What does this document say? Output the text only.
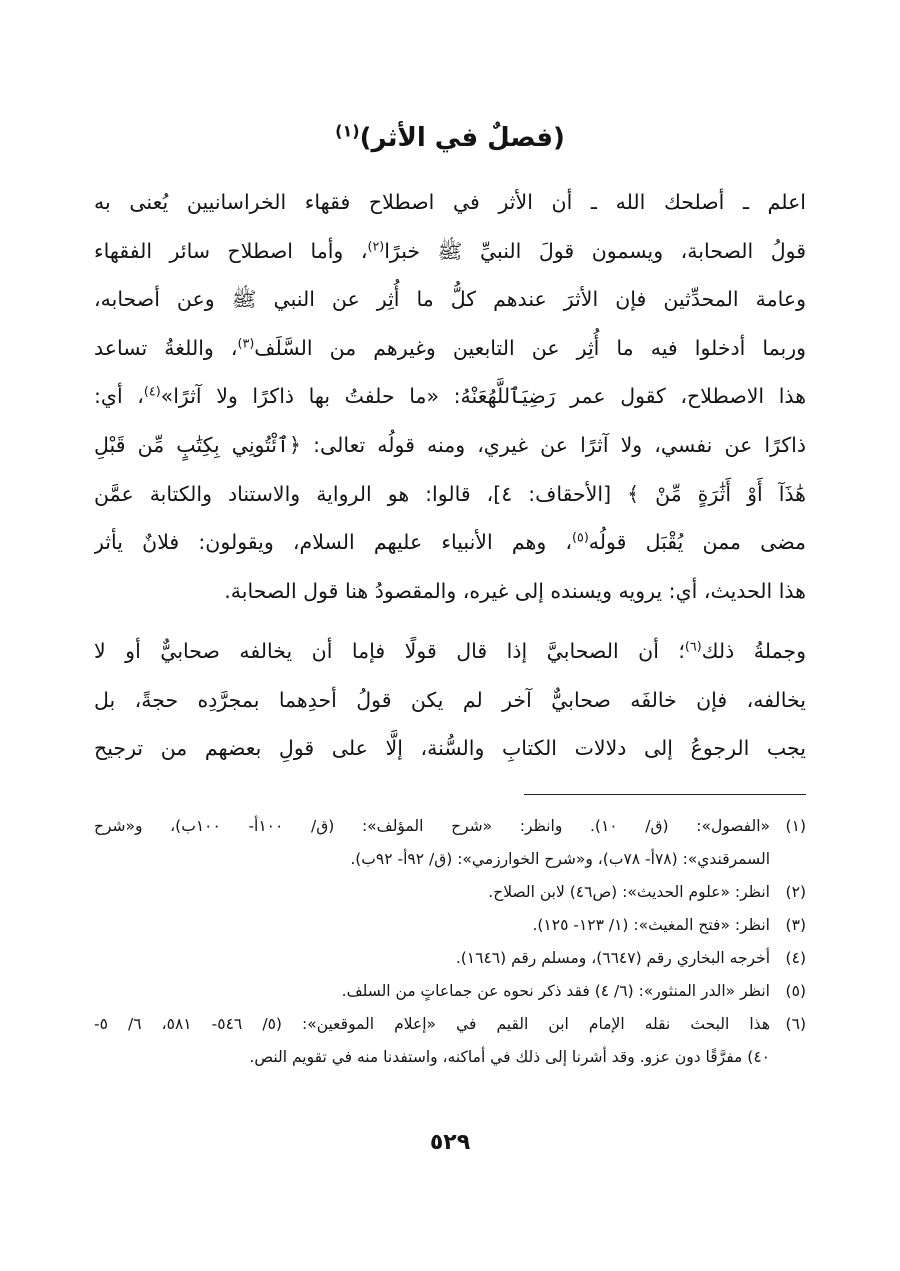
(فصلٌ في الأثر)$^{(١)}$
اعلم ـ أصلحك الله ـ أن الأثر في اصطلاح فقهاء الخراسانيين يُعنى به
قولُ الصحابة، ويسمون قولَ النبيِّ ﷺ خبرًا$^{(٢)}$، وأما اصطلاح سائر الفقهاء
وعامة المحدِّثين فإن الأثرَ عندهم كلُّ ما أُثِر عن النبي ﷺ وعن أصحابه،
وربما أدخلوا فيه ما أُثِر عن التابعين وغيرهم من السَّلَف$^{(٣)}$، واللغةُ تساعد
هذا الاصطلاح، كقول عمر رَضِيَٱللَّهُعَنْهُ: «ما حلفتُ بها ذاكرًا ولا آثرًا»$^{(٤)}$، أي:
ذاكرًا عن نفسي، ولا آثرًا عن غيري، ومنه قولُه تعالى: ﴿ٱئْتُونِي بِكِتَٰبٍ مِّن قَبْلِ
هَٰذَآ أَوْ أَثَٰرَةٍ مِّنْ ﴾ [الأحقاف: ٤]، قالوا: هو الرواية والاستناد والكتابة عمَّن
مضى ممن يُقْبَل قولُه$^{(٥)}$، وهم الأنبياء عليهم السلام، ويقولون: فلانٌ يأثر
هذا الحديث، أي: يرويه ويسنده إلى غيره، والمقصودُ هنا قول الصحابة.
وجملةُ ذلك$^{(٦)}$؛ أن الصحابيَّ إذا قال قولًا فإما أن يخالفه صحابيٌّ أو لا
يخالفه، فإن خالفَه صحابيٌّ آخر لم يكن قولُ أحدِهما بمجرَّدِه حجةً، بل
يجب الرجوعُ إلى دلالات الكتابِ والسُّنة، إلَّا على قولِ بعضهم من ترجيح
(١)
«الفصول»: (ق/ ١٠). وانظر: «شرح المؤلف»: (ق/ ١٠٠أ- ١٠٠ب)، و«شرح
السمرقندي»: (٧٨أ- ٧٨ب)، و«شرح الخوارزمي»: (ق/ ٩٢أ- ٩٢ب).
(٢)
انظر: «علوم الحديث»: (ص٤٦) لابن الصلاح.
(٣)
انظر: «فتح المغيث»: (١/ ١٢٣- ١٢٥).
(٤)
أخرجه البخاري رقم (٦٦٤٧)، ومسلم رقم (١٦٤٦).
(٥)
انظر «الدر المنثور»: (٦/ ٤) فقد ذكر نحوه عن جماعاتٍ من السلف.
(٦)
هذا البحث نقله الإمام ابن القيم في «إعلام الموقعين»: (٥/ ٥٤٦- ٥٨١، ٦/ ٥-
٤٠) مفرَّقًا دون عزو. وقد أشرنا إلى ذلك في أماكنه، واستفدنا منه في تقويم النص.
٥٢٩
